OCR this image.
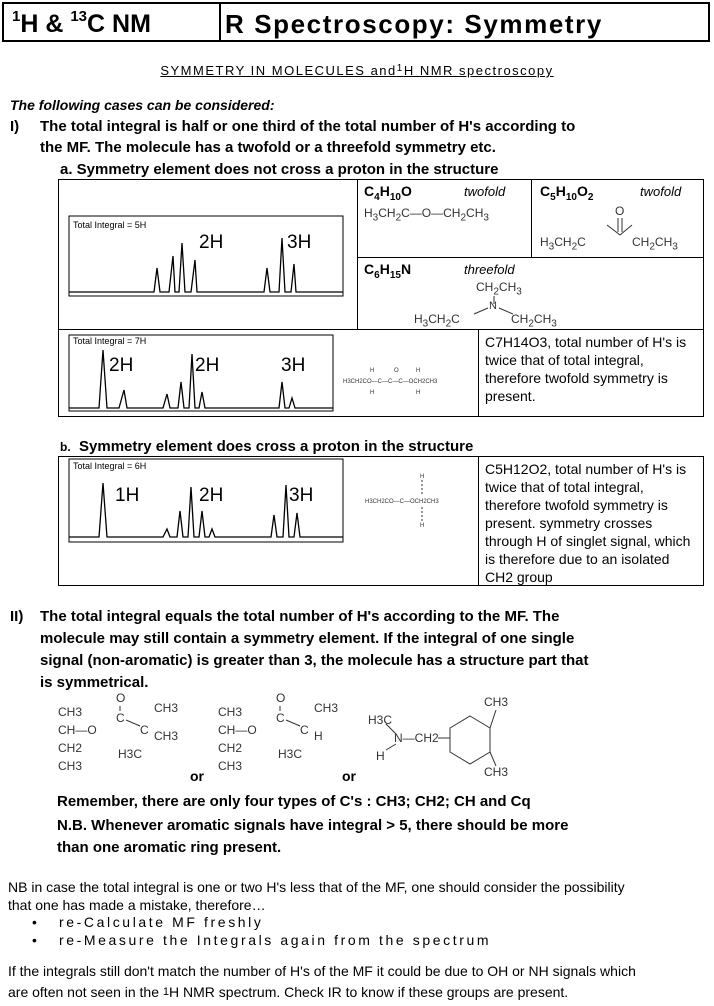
$^1$H & $^{13}$C NM	R Spectroscopy: Symmetry
SYMMETRY IN MOLECULES and$^1$H NMR spectroscopy
The following cases can be considered:
I) The total integral is half or one third of the total number of H's according to
the MF. The molecule has a twofold or a threefold symmetry etc.
a. Symmetry element does not cross a proton in the structure
Total Integral = 5H
2H	3H
$C_4H_{10}O$	twofold
$H_3CH_2C—O—CH_2CH_3$
$C_5H_{10}O_2$	twofold
O
$H_3CH_2C$	$CH_2CH_3$
$C_6H_{15}N$	threefold
$CH_2CH_3$
N
$H_3CH_2C$	$CH_2CH_3$
H	O	H
H3CH2CO—C—C—C—OCH2CH3
H	H
Total Integral = 7H
2H	2H	3H
C7H14O3, total number of H's is twice that of total integral, therefore twofold symmetry is present.
b. Symmetry element does cross a proton in the structure
H
H3CH2CO—C—OCH2CH3
H
Total Integral = 6H
1H	2H	3H
C5H12O2, total number of H's is twice that of total integral, therefore twofold symmetry is present. symmetry crosses through H of singlet signal, which is therefore due to an isolated CH2 group
II) The total integral equals the total number of H's according to the MF. The
molecule may still contain a symmetry element. If the integral of one single
signal (non-aromatic) is greater than 3, the molecule has a structure part that
is symmetrical.
CH3
CH—O
CH2
CH3
O
C
C
CH3
CH3
H3C
CH3
CH—O
CH2
CH3
O
C
C
CH3
H
H3C
H3C
N—CH2
H
CH3
CH3
or	or
Remember, there are only four types of C's : CH3; CH2; CH and Cq
N.B. Whenever aromatic signals have integral > 5, there should be more
than one aromatic ring present.
NB in case the total integral is one or two H's less that of the MF, one should consider the possibility
that one has made a mistake, therefore…
•   re-Calculate MF freshly
•   re-Measure the Integrals again from the spectrum
If the integrals still don't match the number of H's of the MF it could be due to OH or NH signals which
are often not seen in the $^1$H NMR spectrum. Check IR to know if these groups are present.
